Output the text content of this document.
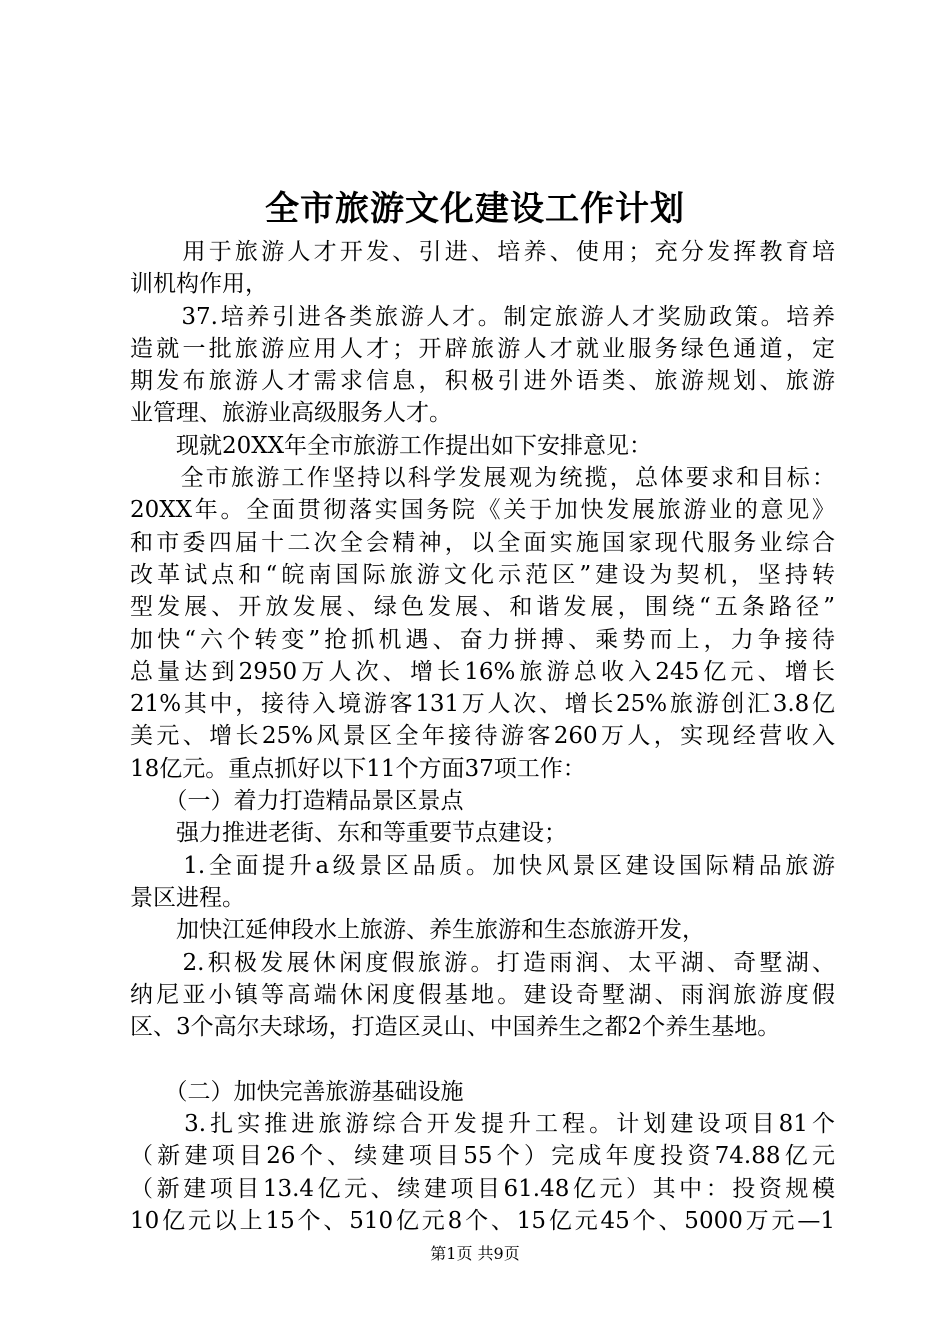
全市旅游文化建设工作计划
　　用于旅游人才开发、引进、培养、使用；充分发挥教育培
训机构作用，
　　37.培养引进各类旅游人才。制定旅游人才奖励政策。培养
造就一批旅游应用人才；开辟旅游人才就业服务绿色通道，定
期发布旅游人才需求信息，积极引进外语类、旅游规划、旅游
业管理、旅游业高级服务人才。
　　现就20XX年全市旅游工作提出如下安排意见：
　　全市旅游工作坚持以科学发展观为统揽，总体要求和目标：
20XX年。全面贯彻落实国务院《关于加快发展旅游业的意见》
和市委四届十二次全会精神，以全面实施国家现代服务业综合
改革试点和“皖南国际旅游文化示范区”建设为契机，坚持转
型发展、开放发展、绿色发展、和谐发展，围绕“五条路径”
加快“六个转变”抢抓机遇、奋力拼搏、乘势而上，力争接待
总量达到2950万人次、增长16%旅游总收入245亿元、增长
21%其中，接待入境游客131万人次、增长25%旅游创汇3.8亿
美元、增长25%风景区全年接待游客260万人，实现经营收入
18亿元。重点抓好以下11个方面37项工作：
　　（一）着力打造精品景区景点
　　强力推进老街、东和等重要节点建设；
　　1.全面提升a级景区品质。加快风景区建设国际精品旅游
景区进程。
　　加快江延伸段水上旅游、养生旅游和生态旅游开发，
　　2.积极发展休闲度假旅游。打造雨润、太平湖、奇墅湖、
纳尼亚小镇等高端休闲度假基地。建设奇墅湖、雨润旅游度假
区、3个高尔夫球场，打造区灵山、中国养生之都2个养生基地。
　　（二）加快完善旅游基础设施
　　3.扎实推进旅游综合开发提升工程。计划建设项目81个
（新建项目26个、续建项目55个）完成年度投资74.88亿元
（新建项目13.4亿元、续建项目61.48亿元）其中：投资规模
10亿元以上15个、510亿元8个、15亿元45个、5000万元—1
第1页 共9页
